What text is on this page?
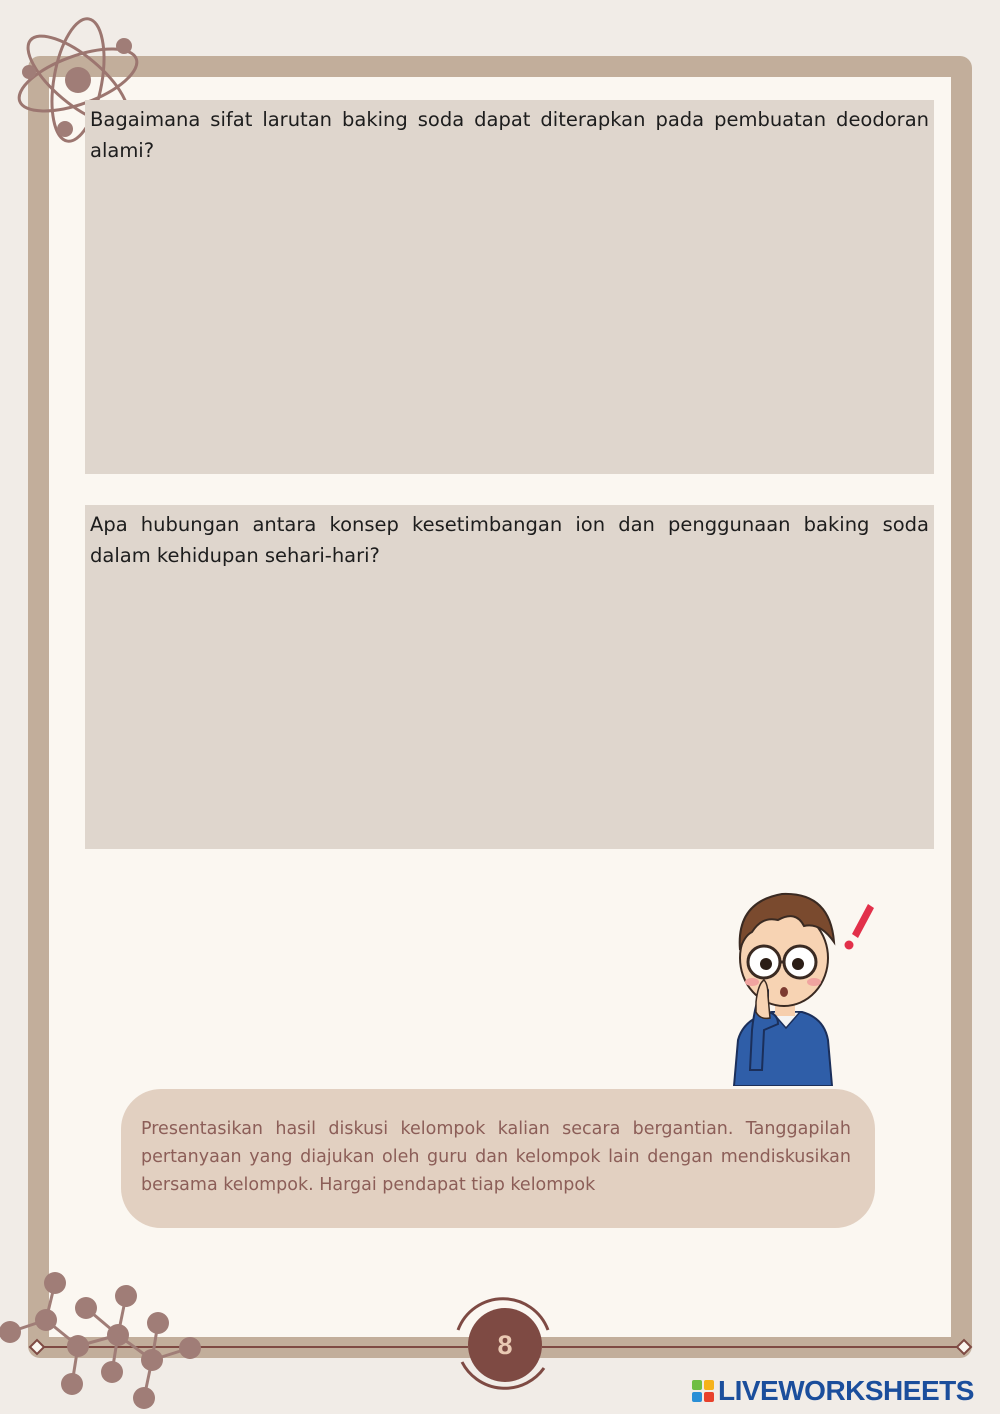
Bagaimana sifat larutan baking soda dapat diterapkan pada pembuatan deodoran alami?

Apa hubungan antara konsep kesetimbangan ion dan penggunaan baking soda dalam kehidupan sehari-hari?

Presentasikan hasil diskusi kelompok kalian secara bergantian. Tanggapilah pertanyaan yang diajukan oleh guru dan kelompok lain dengan mendiskusikan bersama kelompok. Hargai pendapat tiap kelompok

8
LIVEWORKSHEETS
